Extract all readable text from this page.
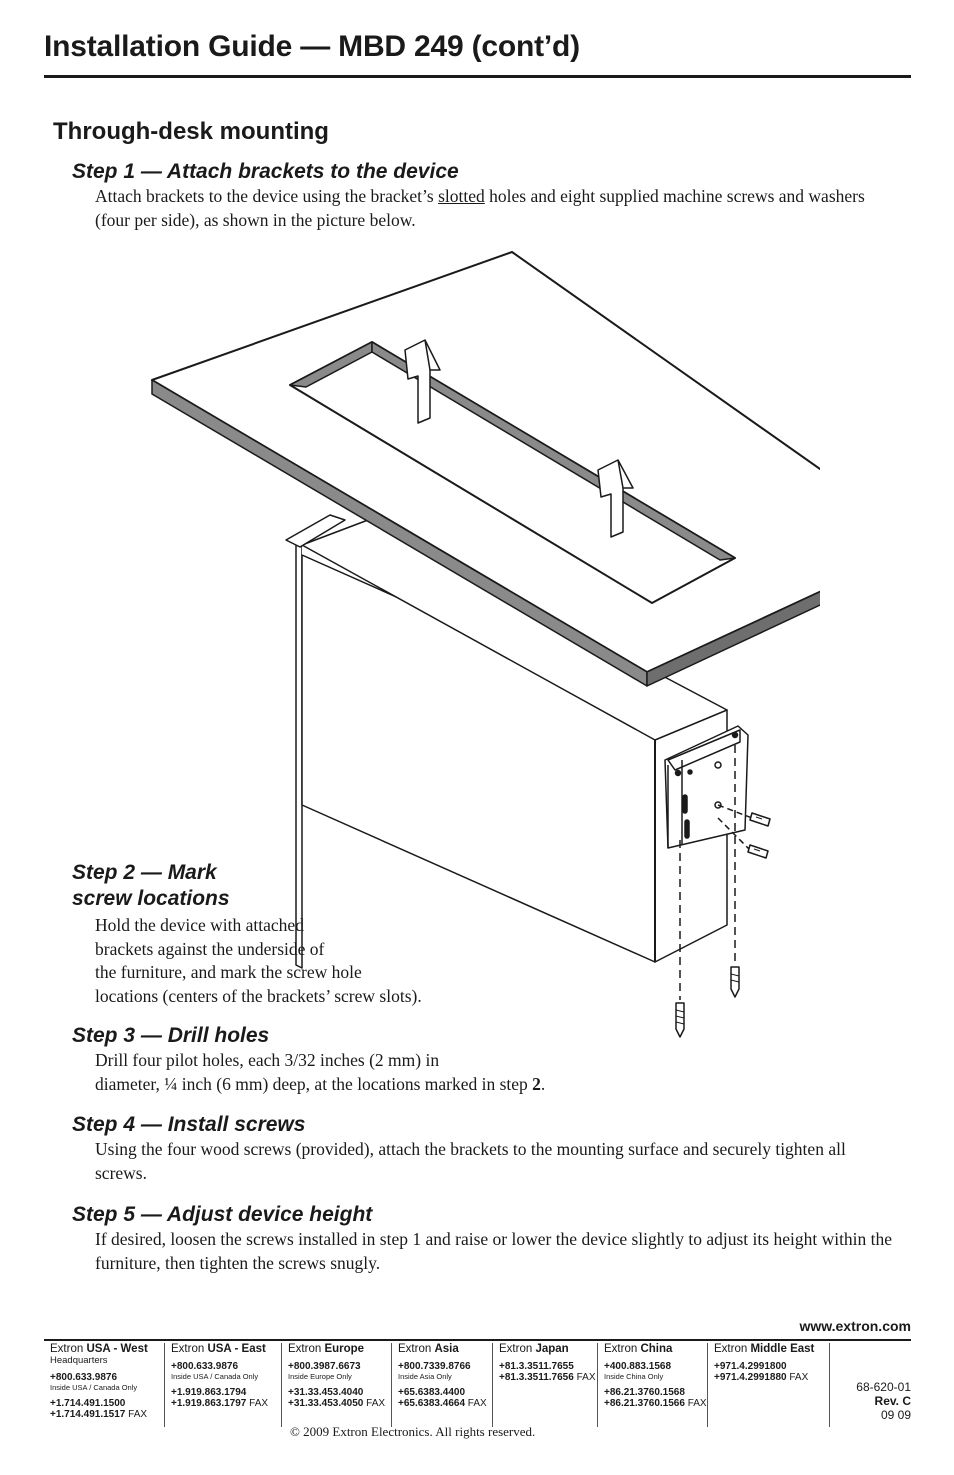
Installation Guide — MBD 249 (cont’d)
Through-desk mounting
Step 1 — Attach brackets to the device
Attach brackets to the device using the bracket’s slotted holes and eight supplied machine screws and washers (four per side), as shown in the picture below.
Step 2 — Mark
screw locations
Hold the device with attached
brackets against the underside of
the furniture, and mark the screw hole
locations (centers of the brackets’ screw slots).
Step 3 — Drill holes
Drill four pilot holes, each 3/32 inches (2 mm) in
diameter, ¼ inch (6 mm) deep, at the locations marked in step 2.
Step 4 — Install screws
Using the four wood screws (provided), attach the brackets to the mounting surface and securely tighten all screws.
Step 5 — Adjust device height
If desired, loosen the screws installed in step 1 and raise or lower the device slightly to adjust its height within the furniture, then tighten the screws snugly.
www.extron.com
Extron USA - West
Headquarters
+800.633.9876
Inside USA / Canada Only
+1.714.491.1500
+1.714.491.1517 FAX
Extron USA - East
+800.633.9876
Inside USA / Canada Only
+1.919.863.1794
+1.919.863.1797 FAX
Extron Europe
+800.3987.6673
Inside Europe Only
+31.33.453.4040
+31.33.453.4050 FAX
Extron Asia
+800.7339.8766
Inside Asia Only
+65.6383.4400
+65.6383.4664 FAX
Extron Japan
+81.3.3511.7655
+81.3.3511.7656 FAX
Extron China
+400.883.1568
Inside China Only
+86.21.3760.1568
+86.21.3760.1566 FAX
Extron Middle East
+971.4.2991800
+971.4.2991880 FAX
68-620-01
Rev. C
09 09
© 2009 Extron Electronics. All rights reserved.
